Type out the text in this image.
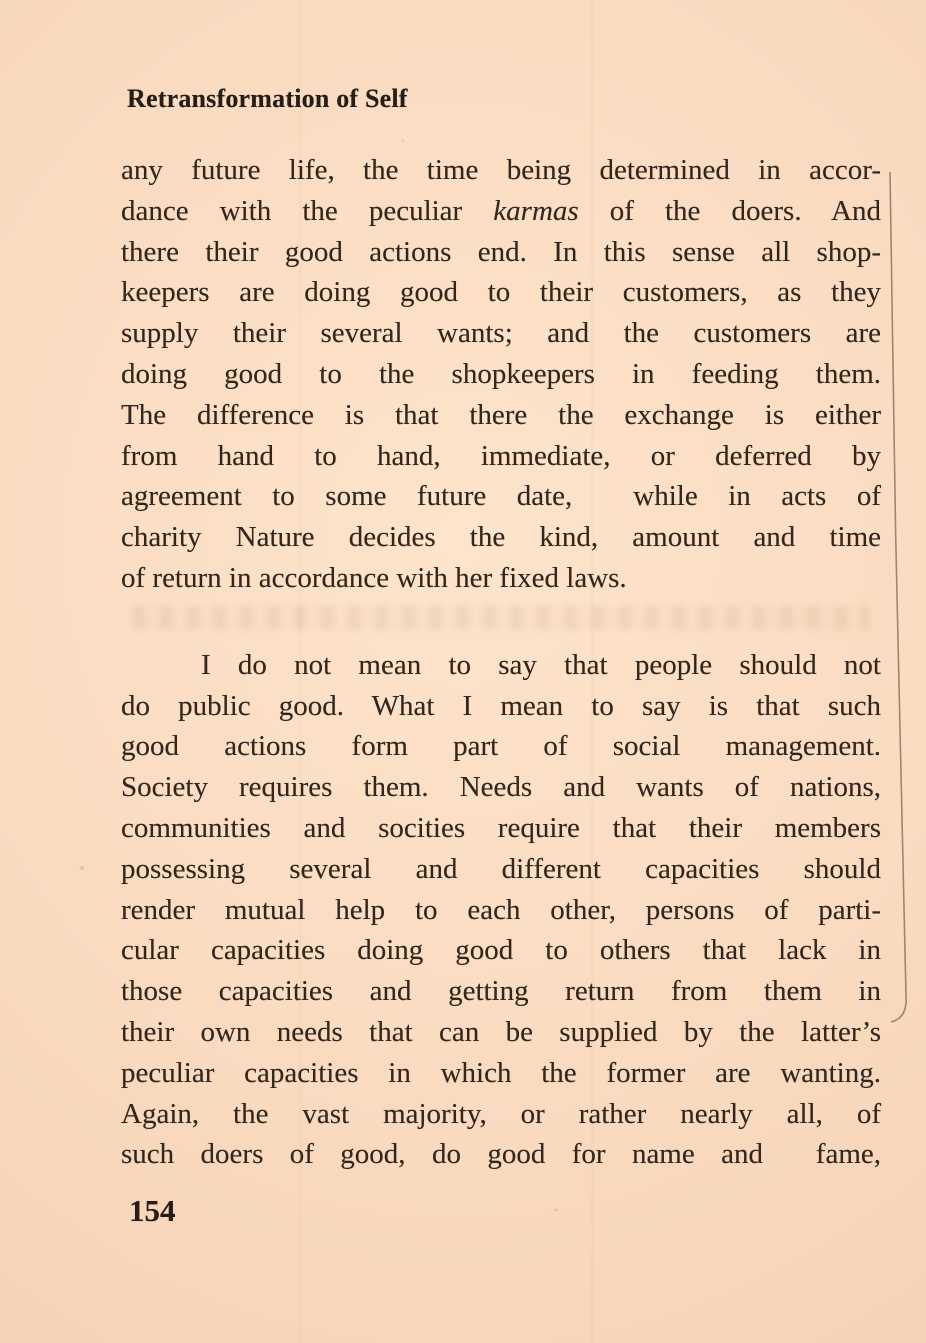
Retransformation of Self
any future life, the time being determined in accor-
dance with the peculiar karmas of the doers. And
there their good actions end. In this sense all shop-
keepers are doing good to their customers, as they
supply their several wants; and the customers are
doing good to the shopkeepers in feeding them.
The difference is that there the exchange is either
from hand to hand, immediate, or deferred by
agreement to some future date,  while in acts of
charity Nature decides the kind, amount and time
of return in accordance with her fixed laws.
I do not mean to say that people should not
do public good. What I mean to say is that such
good actions form part of social management.
Society requires them. Needs and wants of nations,
communities and socities require that their members
possessing several and different capacities should
render mutual help to each other, persons of parti-
cular capacities doing good to others that lack in
those capacities and getting return from them in
their own needs that can be supplied by the latter’s
peculiar capacities in which the former are wanting.
Again, the vast majority, or rather nearly all, of
such doers of good, do good for name and  fame,
154
